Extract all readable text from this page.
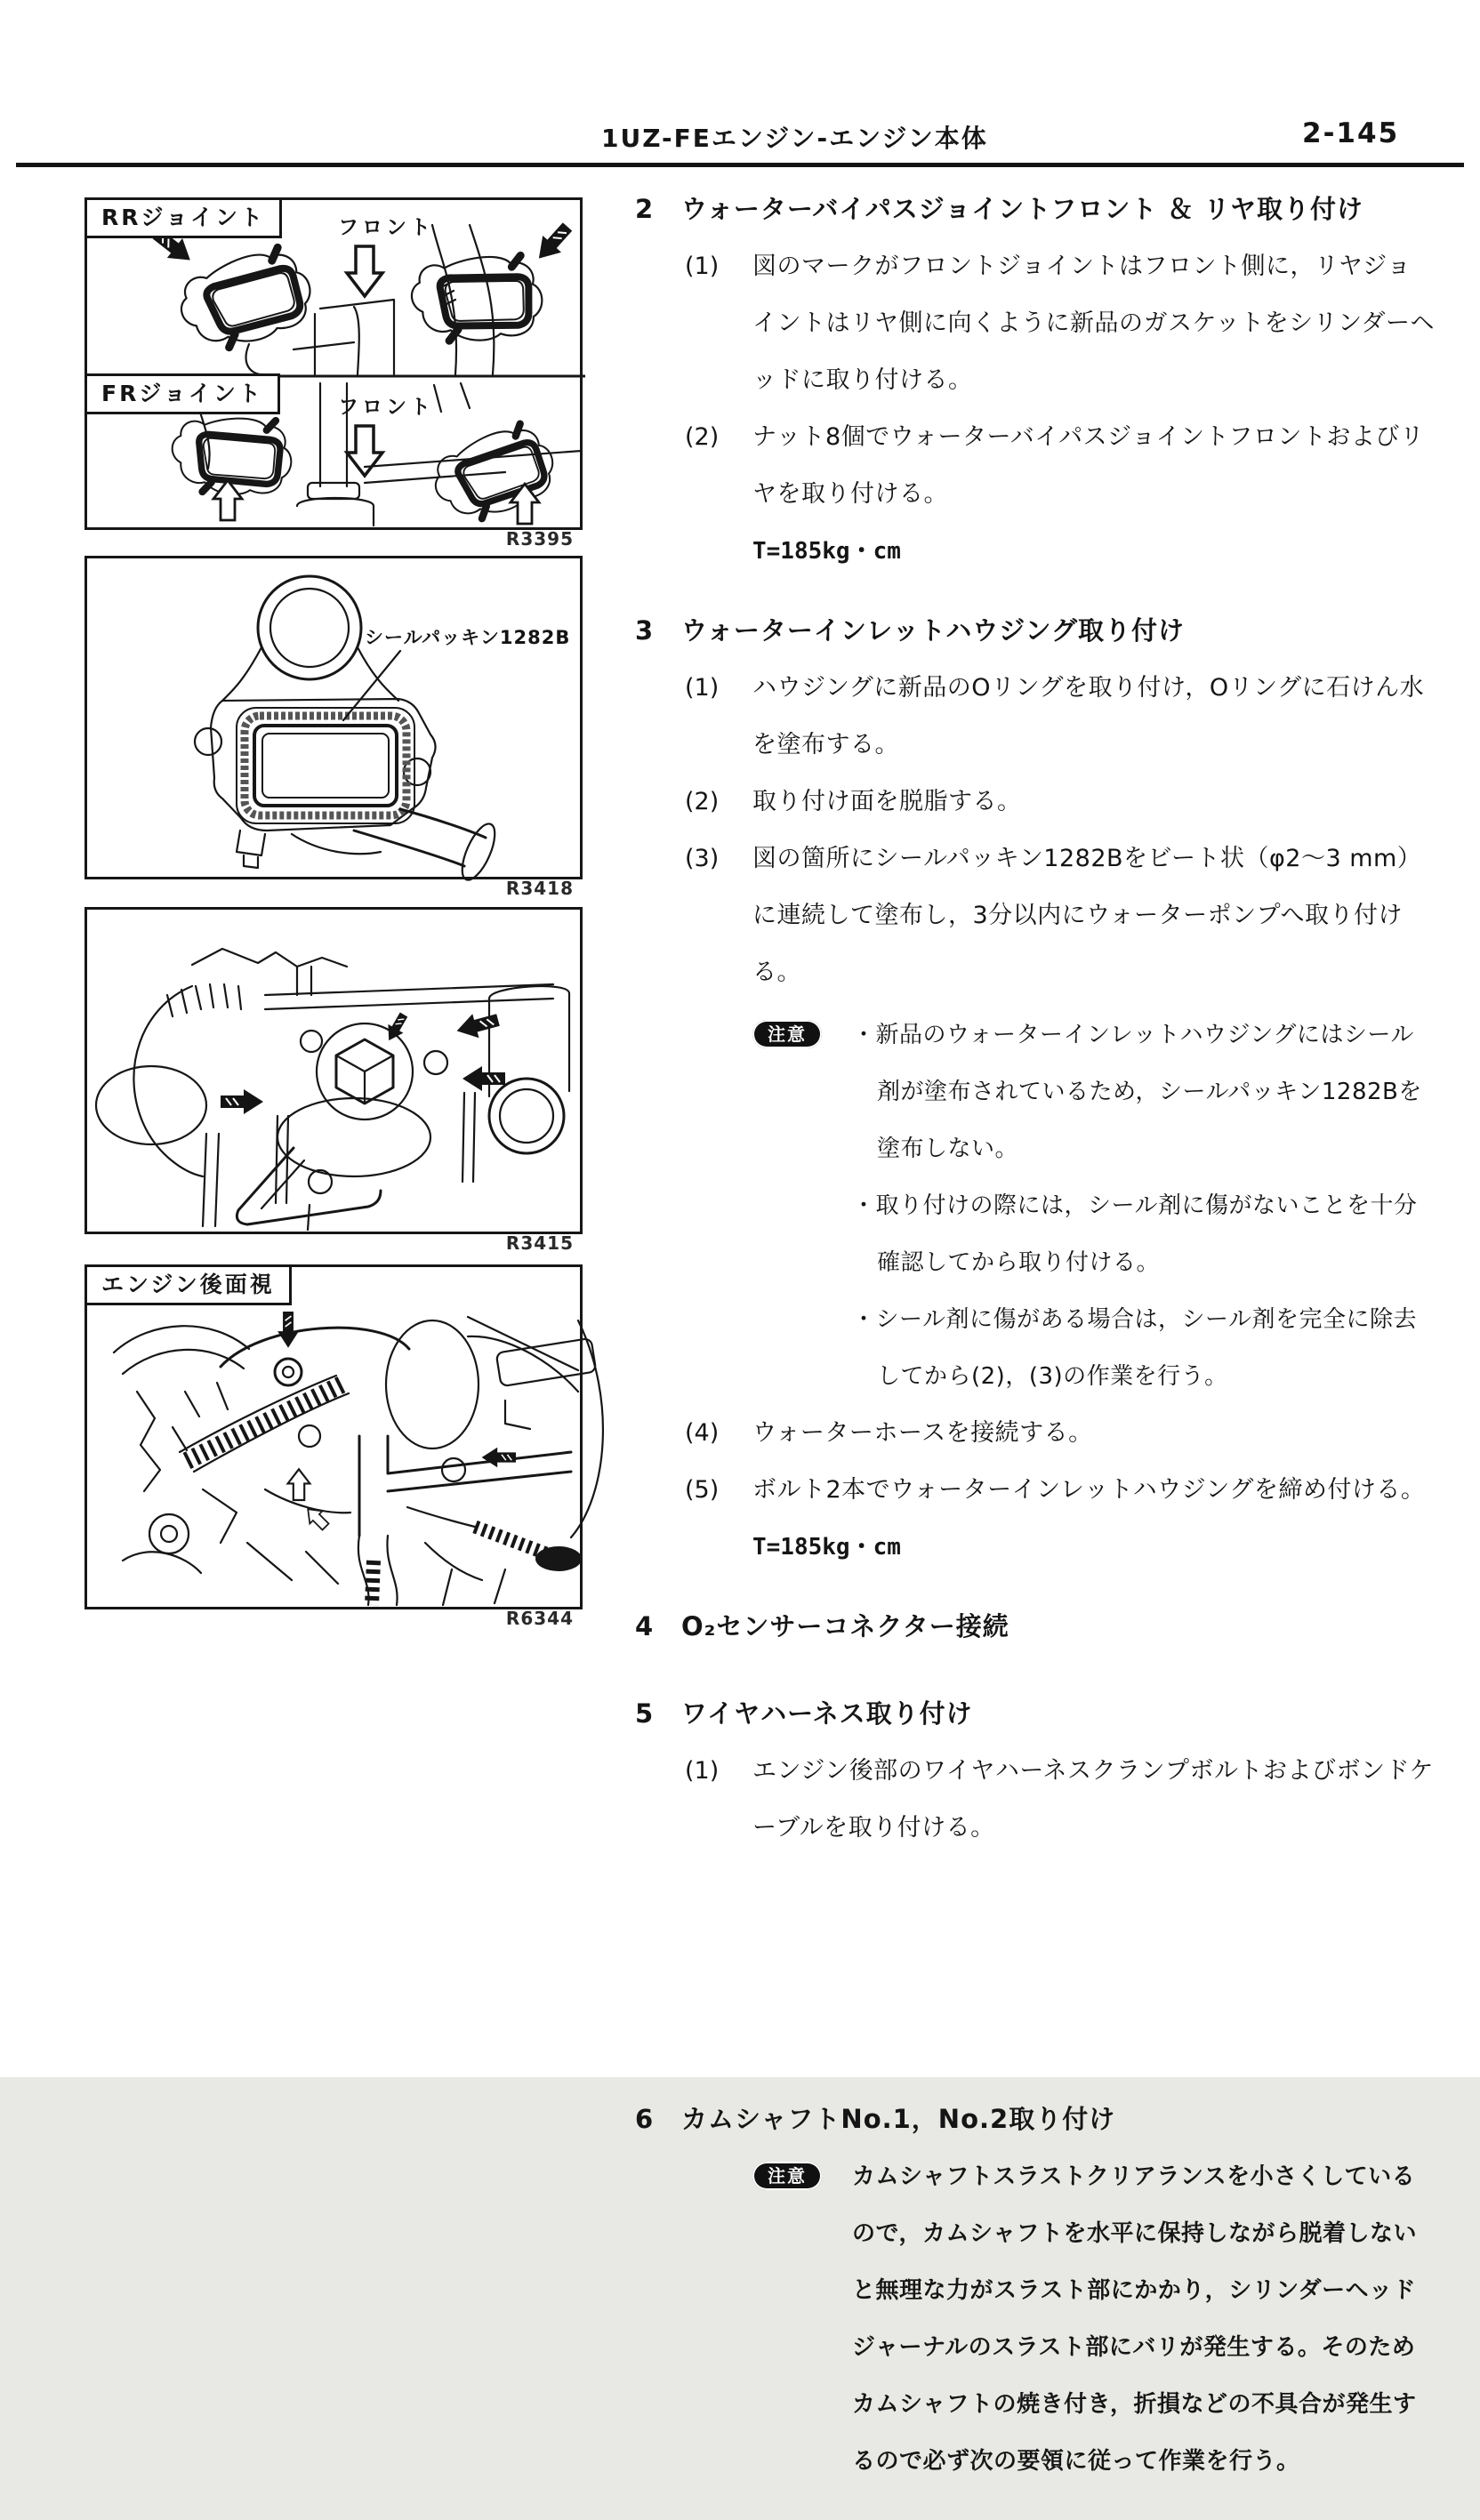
1UZ-FEエンジン-エンジン本体	2-145
RRジョイント
FRジョイント
フロント
フロント
R3395
シールパッキン1282B
R3418
R3415
エンジン後面視
R6344
2	ウォーターバイパスジョイントフロント ＆ リヤ取り付け
(1)	図のマークがフロントジョイントはフロント側に，リヤジョイントはリヤ側に向くように新品のガスケットをシリンダーヘッドに取り付ける。
(2)	ナット8個でウォーターバイパスジョイントフロントおよびリヤを取り付ける。
T=185kg・cm
3	ウォーターインレットハウジング取り付け
(1)	ハウジングに新品のOリングを取り付け，Oリングに石けん水を塗布する。
(2)	取り付け面を脱脂する。
(3)	図の箇所にシールパッキン1282Bをビート状（φ2～3 mm）に連続して塗布し，3分以内にウォーターポンプへ取り付ける。
注意	・新品のウォーターインレットハウジングにはシール剤が塗布されているため，シールパッキン1282Bを塗布しない。
・取り付けの際には，シール剤に傷がないことを十分確認してから取り付ける。
・シール剤に傷がある場合は，シール剤を完全に除去してから(2)，(3)の作業を行う。
(4)	ウォーターホースを接続する。
(5)	ボルト2本でウォーターインレットハウジングを締め付ける。
T=185kg・cm
4	O₂センサーコネクター接続
5	ワイヤハーネス取り付け
(1)	エンジン後部のワイヤハーネスクランプボルトおよびボンドケーブルを取り付ける。
6	カムシャフトNo.1，No.2取り付け
注意	カムシャフトスラストクリアランスを小さくしているので，カムシャフトを水平に保持しながら脱着しないと無理な力がスラスト部にかかり，シリンダーヘッドジャーナルのスラスト部にバリが発生する。そのためカムシャフトの焼き付き，折損などの不具合が発生するので必ず次の要領に従って作業を行う。
